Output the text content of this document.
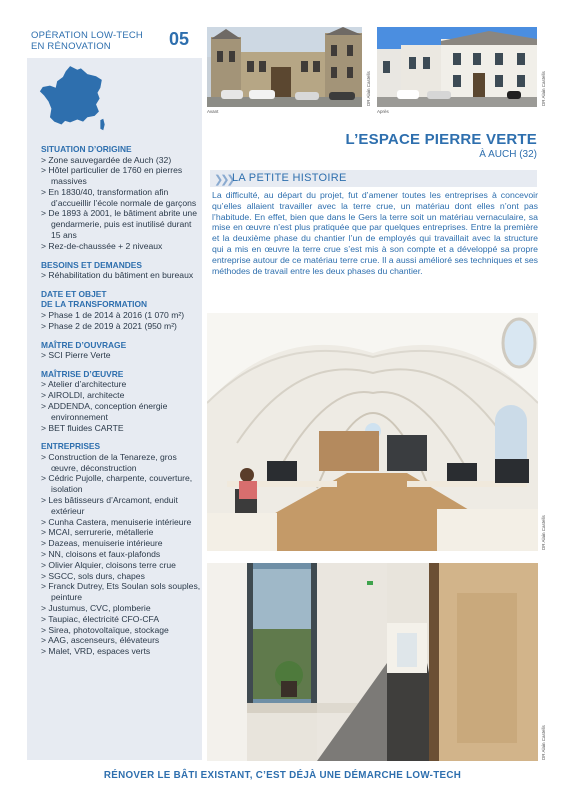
OPÉRATION LOW-TECH
EN RÉNOVATION	05
SITUATION D’ORIGINE
> Zone sauvegardée de Auch (32)
> Hôtel particulier de 1760 en pierres massives
> En 1830/40, transformation afin d’accueillir l’école normale de garçons
> De 1893 à 2001, le bâtiment abrite une gendarmerie, puis est inutilisé durant 15 ans
> Rez-de-chaussée + 2 niveaux
BESOINS ET DEMANDES
> Réhabilitation du bâtiment en bureaux
DATE ET OBJET
DE LA TRANSFORMATION
> Phase 1 de 2014 à 2016 (1 070 m²)
> Phase 2 de 2019 à 2021 (950 m²)
MAÎTRE D’OUVRAGE
> SCI Pierre Verte
MAÎTRISE D’ŒUVRE
> Atelier d’architecture
> AIROLDI, architecte
> ADDENDA, conception énergie environnement
> BET fluides CARTE
ENTREPRISES
> Construction de la Tenareze, gros œuvre, déconstruction
> Cédric Pujolle, charpente, couverture, isolation
> Les bâtisseurs d’Arcamont, enduit extérieur
> Cunha Castera, menuiserie intérieure
> MCAI, serrurerie, métallerie
> Dazeas, menuiserie intérieure
> NN, cloisons et faux-plafonds
> Olivier Alquier, cloisons terre crue
> SGCC, sols durs, chapes
> Franck Dutrey, Ets Soulan sols souples, peinture
> Justumus, CVC, plomberie
> Taupiac, électricité CFO-CFA
> Sirea, photovoltaïque, stockage
> AAG, ascenseurs, élévateurs
> Malet, VRD, espaces verts
Avant	Après
DR Alain Castells	DR Alain Castells
L’ESPACE PIERRE VERTE
À AUCH (32)
❯❯❯ LA PETITE HISTOIRE
La difficulté, au départ du projet, fut d’amener toutes les entreprises à concevoir qu’elles allaient travailler avec la terre crue, un matériau dont elles n’ont pas l’habitude. En effet, bien que dans le Gers la terre soit un matériau vernaculaire, sa mise en œuvre n’est plus pratiquée que par quelques entreprises. Entre la première et la deuxième phase du chantier l’un de employés qui travaillait avec la structure qui a mis en œuvre la terre crue s’est mis à son compte et a développé sa propre entreprise autour de ce matériau terre crue. Il a aussi amélioré ses techniques et ses méthodes de travail entre les deux phases du chantier.
DR Alain Castells
DR Alain Castells
RÉNOVER LE BÂTI EXISTANT, C’EST DÉJÀ UNE DÉMARCHE LOW-TECH
